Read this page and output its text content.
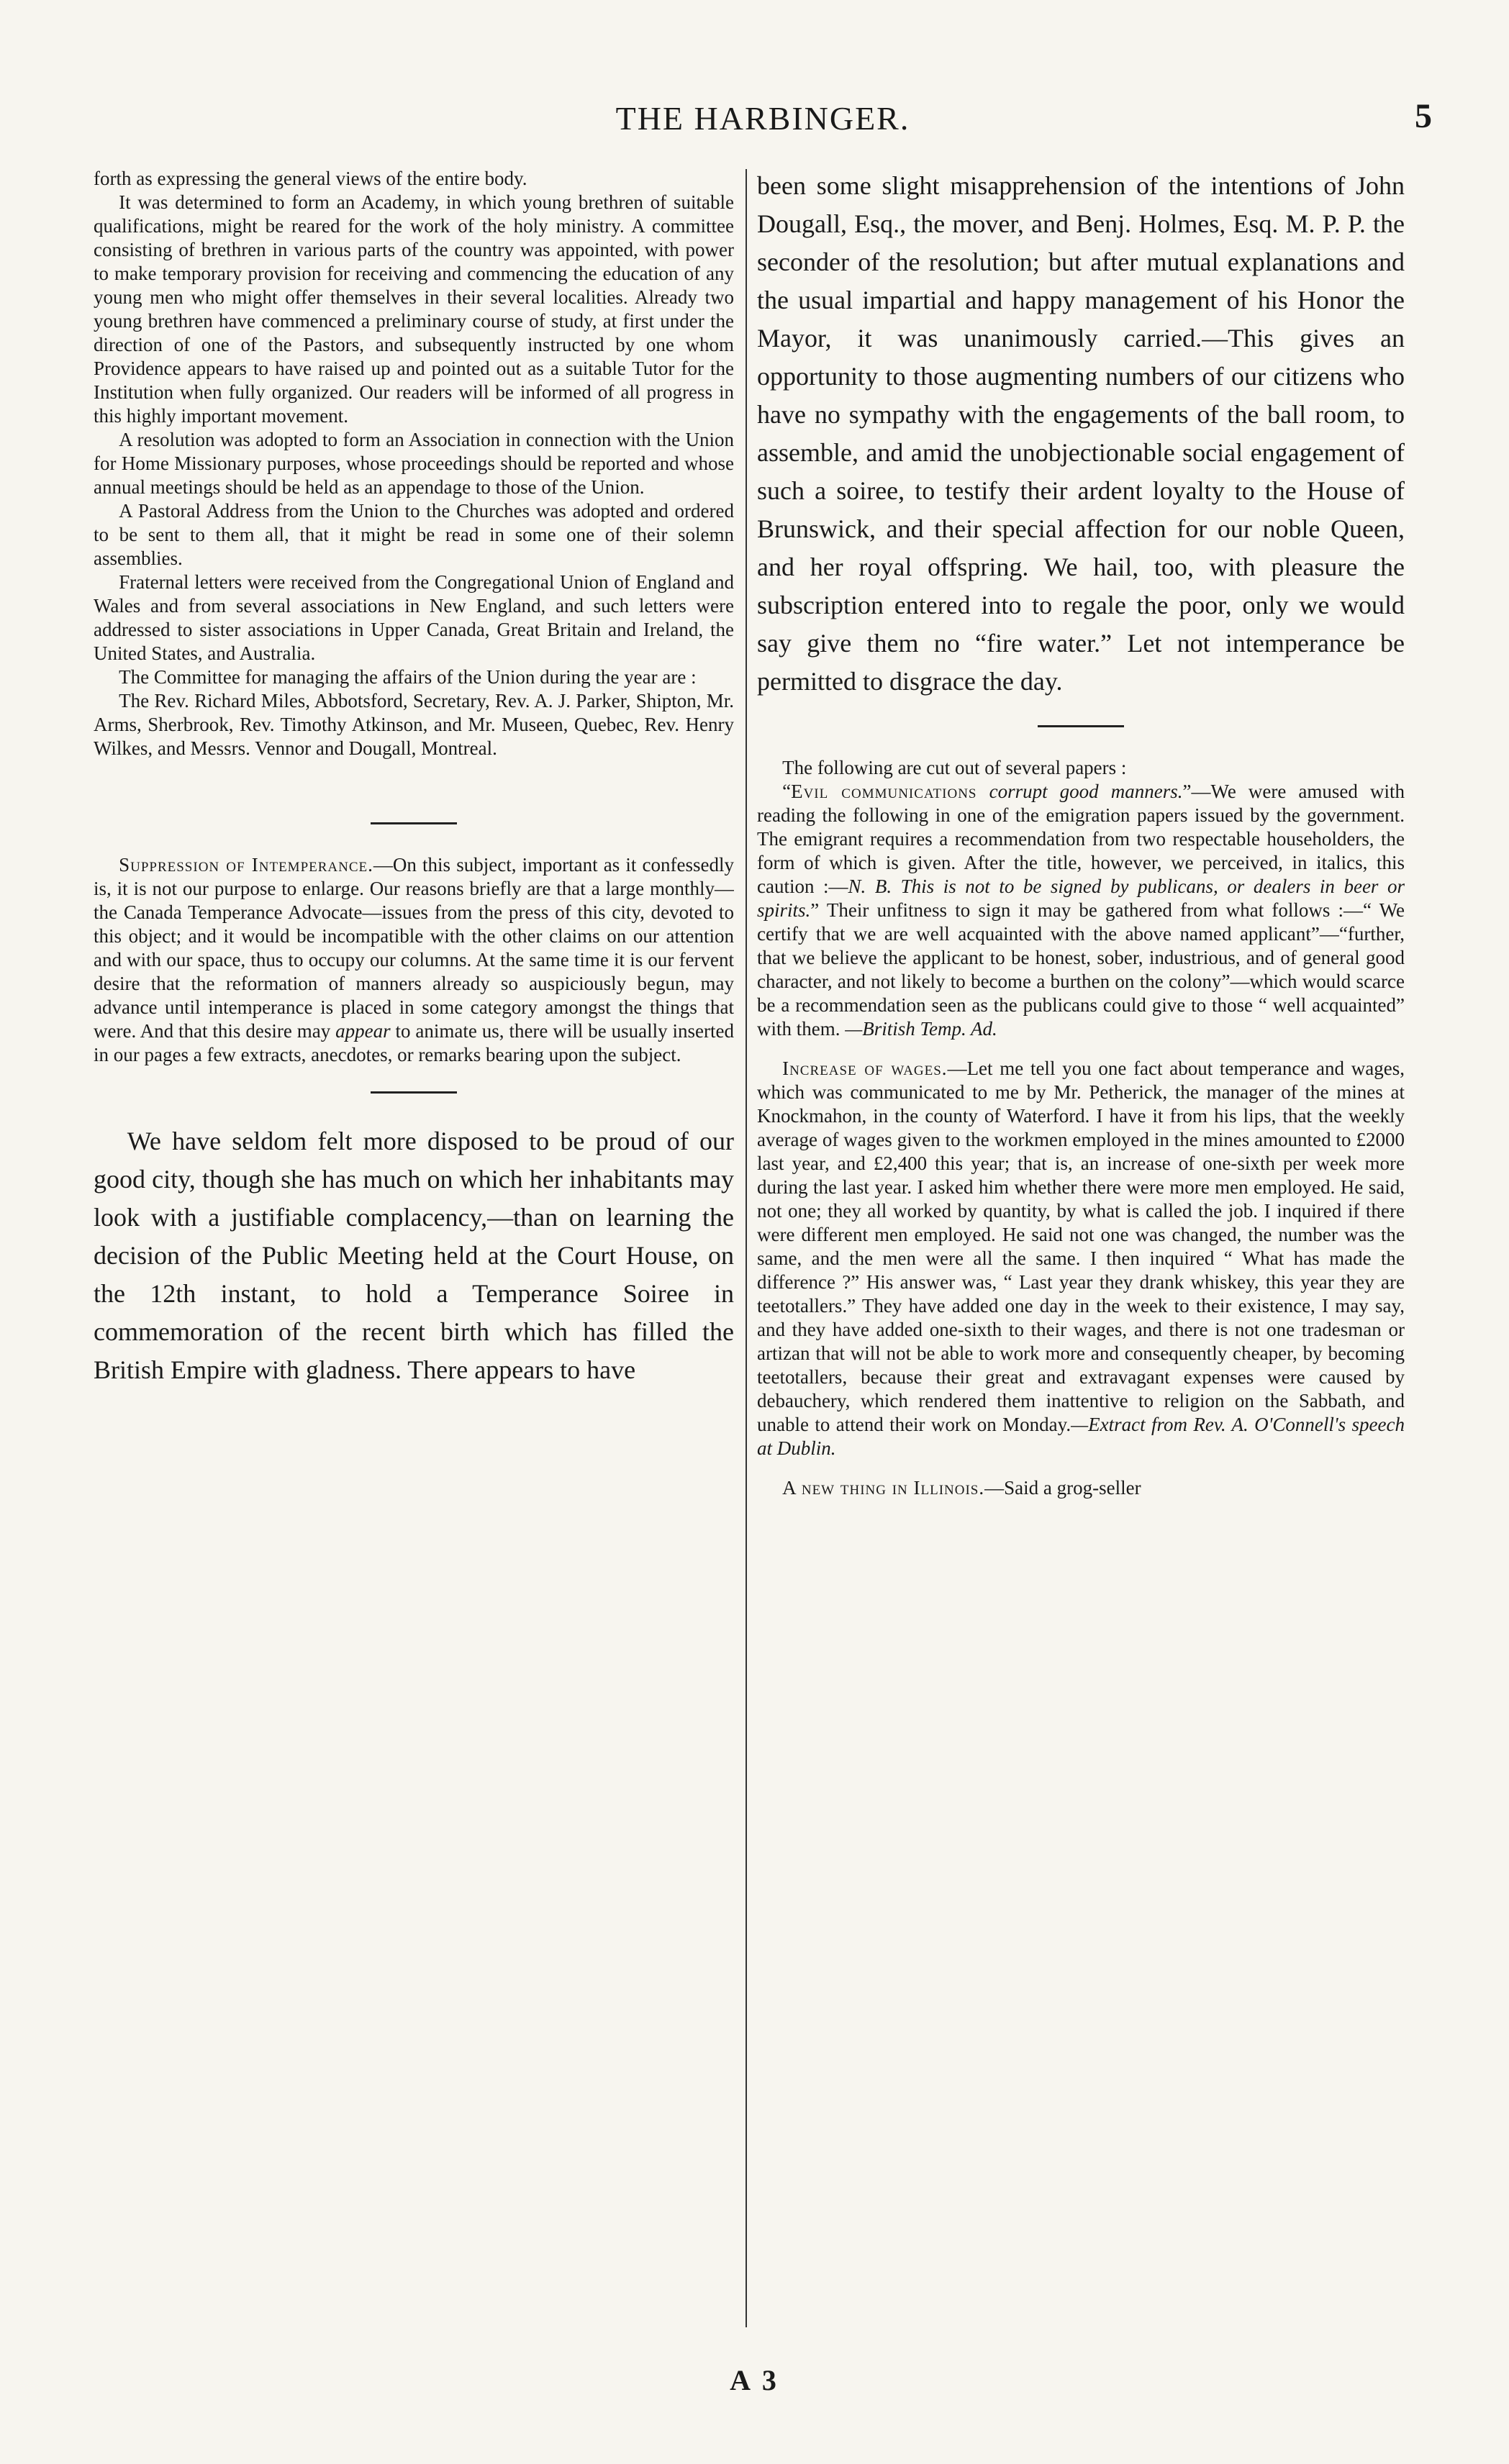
THE HARBINGER.	5

forth as expressing the general views of the entire body.

It was determined to form an Academy, in which young brethren of suitable qualifications, might be reared for the work of the holy ministry. A committee consisting of brethren in various parts of the country was appointed, with power to make temporary provision for receiving and commencing the education of any young men who might offer themselves in their several localities. Already two young brethren have commenced a preliminary course of study, at first under the direction of one of the Pastors, and subsequently instructed by one whom Providence appears to have raised up and pointed out as a suitable Tutor for the Institution when fully organized. Our readers will be informed of all progress in this highly important movement.

A resolution was adopted to form an Association in connection with the Union for Home Missionary purposes, whose proceedings should be reported and whose annual meetings should be held as an appendage to those of the Union.

A Pastoral Address from the Union to the Churches was adopted and ordered to be sent to them all, that it might be read in some one of their solemn assemblies.

Fraternal letters were received from the Congregational Union of England and Wales and from several associations in New England, and such letters were addressed to sister associations in Upper Canada, Great Britain and Ireland, the United States, and Australia.

The Committee for managing the affairs of the Union during the year are :

The Rev. Richard Miles, Abbotsford, Secretary, Rev. A. J. Parker, Shipton, Mr. Arms, Sherbrook, Rev. Timothy Atkinson, and Mr. Museen, Quebec, Rev. Henry Wilkes, and Messrs. Vennor and Dougall, Montreal.

Suppression of Intemperance.—On this subject, important as it confessedly is, it is not our purpose to enlarge. Our reasons briefly are that a large monthly—the Canada Temperance Advocate—issues from the press of this city, devoted to this object; and it would be incompatible with the other claims on our attention and with our space, thus to occupy our columns. At the same time it is our fervent desire that the reformation of manners already so auspiciously begun, may advance until intemperance is placed in some category amongst the things that were. And that this desire may appear to animate us, there will be usually inserted in our pages a few extracts, anecdotes, or remarks bearing upon the subject.

We have seldom felt more disposed to be proud of our good city, though she has much on which her inhabitants may look with a justifiable complacency,—than on learning the decision of the Public Meeting held at the Court House, on the 12th instant, to hold a Temperance Soiree in commemoration of the recent birth which has filled the British Empire with gladness. There appears to have

been some slight misapprehension of the intentions of John Dougall, Esq., the mover, and Benj. Holmes, Esq. M. P. P. the seconder of the resolution; but after mutual explanations and the usual impartial and happy management of his Honor the Mayor, it was unanimously carried.—This gives an opportunity to those augmenting numbers of our citizens who have no sympathy with the engagements of the ball room, to assemble, and amid the unobjectionable social engagement of such a soiree, to testify their ardent loyalty to the House of Brunswick, and their special affection for our noble Queen, and her royal offspring. We hail, too, with pleasure the subscription entered into to regale the poor, only we would say give them no “fire water.” Let not intemperance be permitted to disgrace the day.

The following are cut out of several papers :

“Evil communications corrupt good manners.”—We were amused with reading the following in one of the emigration papers issued by the government. The emigrant requires a recommendation from two respectable householders, the form of which is given. After the title, however, we perceived, in italics, this caution :—N. B. This is not to be signed by publicans, or dealers in beer or spirits.” Their unfitness to sign it may be gathered from what follows :—“ We certify that we are well acquainted with the above named applicant”—“further, that we believe the applicant to be honest, sober, industrious, and of general good character, and not likely to become a burthen on the colony”—which would scarce be a recommendation seen as the publicans could give to those “ well acquainted” with them. —British Temp. Ad.

Increase of wages.—Let me tell you one fact about temperance and wages, which was communicated to me by Mr. Petherick, the manager of the mines at Knockmahon, in the county of Waterford. I have it from his lips, that the weekly average of wages given to the workmen employed in the mines amounted to £2000 last year, and £2,400 this year; that is, an increase of one-sixth per week more during the last year. I asked him whether there were more men employed. He said, not one; they all worked by quantity, by what is called the job. I inquired if there were different men employed. He said not one was changed, the number was the same, and the men were all the same. I then inquired “ What has made the difference ?” His answer was, “ Last year they drank whiskey, this year they are teetotallers.” They have added one day in the week to their existence, I may say, and they have added one-sixth to their wages, and there is not one tradesman or artizan that will not be able to work more and consequently cheaper, by becoming teetotallers, because their great and extravagant expenses were caused by debauchery, which rendered them inattentive to religion on the Sabbath, and unable to attend their work on Monday.—Extract from Rev. A. O'Connell's speech at Dublin.

A new thing in Illinois.—Said a grog-seller

A 3
